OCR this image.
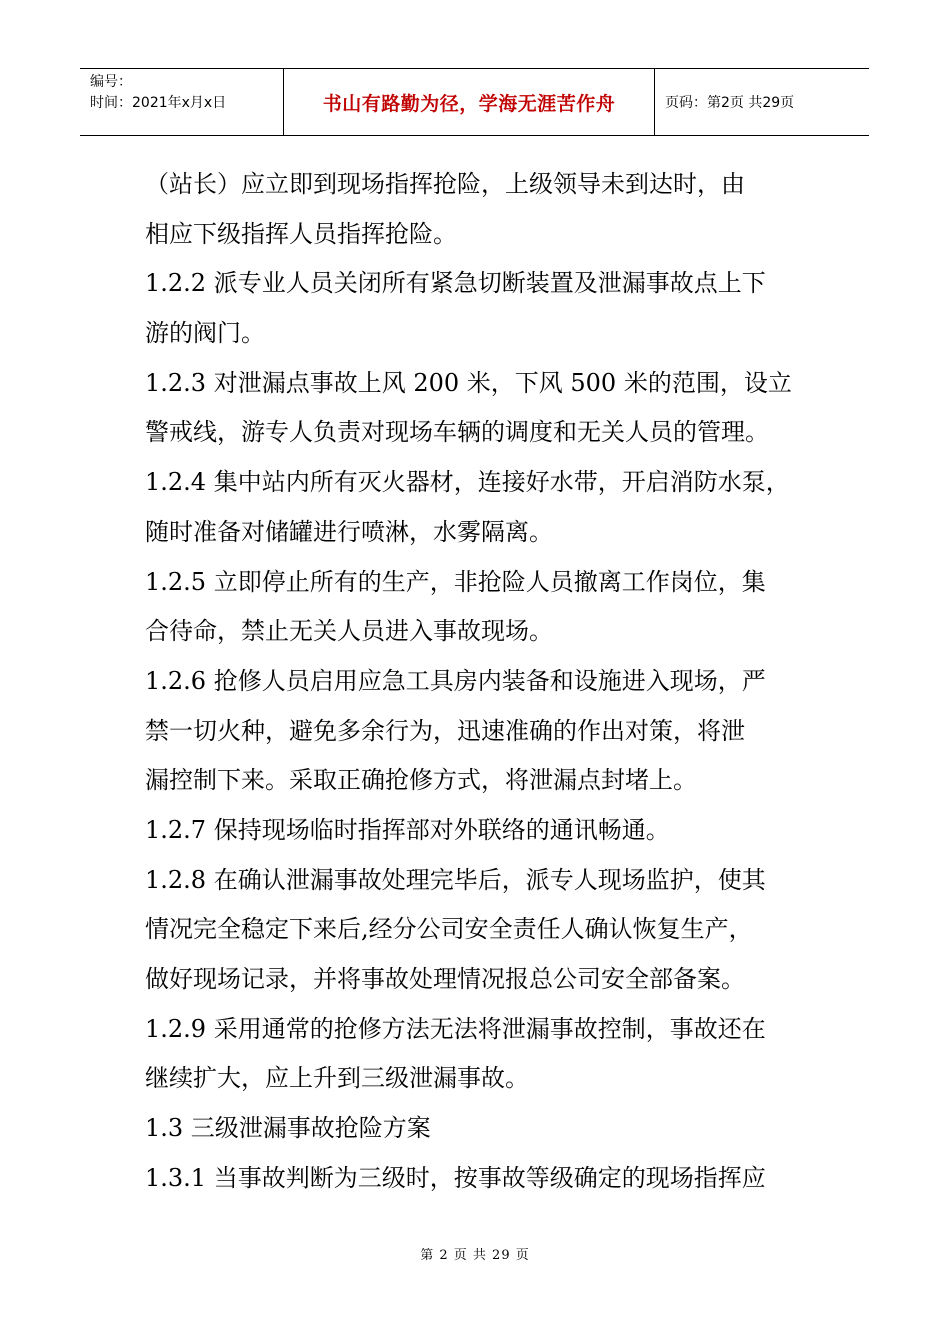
编号：
时间：2021年x月x日	书山有路勤为径，学海无涯苦作舟	页码：第2页 共29页
（站长）应立即到现场指挥抢险，上级领导未到达时，由
相应下级指挥人员指挥抢险。
1.2.2 派专业人员关闭所有紧急切断装置及泄漏事故点上下
游的阀门。
1.2.3 对泄漏点事故上风 200 米，下风 500 米的范围，设立
警戒线，游专人负责对现场车辆的调度和无关人员的管理。
1.2.4 集中站内所有灭火器材，连接好水带，开启消防水泵，
随时准备对储罐进行喷淋，水雾隔离。
1.2.5 立即停止所有的生产，非抢险人员撤离工作岗位，集
合待命，禁止无关人员进入事故现场。
1.2.6 抢修人员启用应急工具房内装备和设施进入现场，严
禁一切火种，避免多余行为，迅速准确的作出对策，将泄
漏控制下来。采取正确抢修方式，将泄漏点封堵上。
1.2.7 保持现场临时指挥部对外联络的通讯畅通。
1.2.8 在确认泄漏事故处理完毕后，派专人现场监护，使其
情况完全稳定下来后,经分公司安全责任人确认恢复生产，
做好现场记录，并将事故处理情况报总公司安全部备案。
1.2.9 采用通常的抢修方法无法将泄漏事故控制，事故还在
继续扩大，应上升到三级泄漏事故。
1.3 三级泄漏事故抢险方案
1.3.1 当事故判断为三级时，按事故等级确定的现场指挥应
第 2 页 共 29 页
